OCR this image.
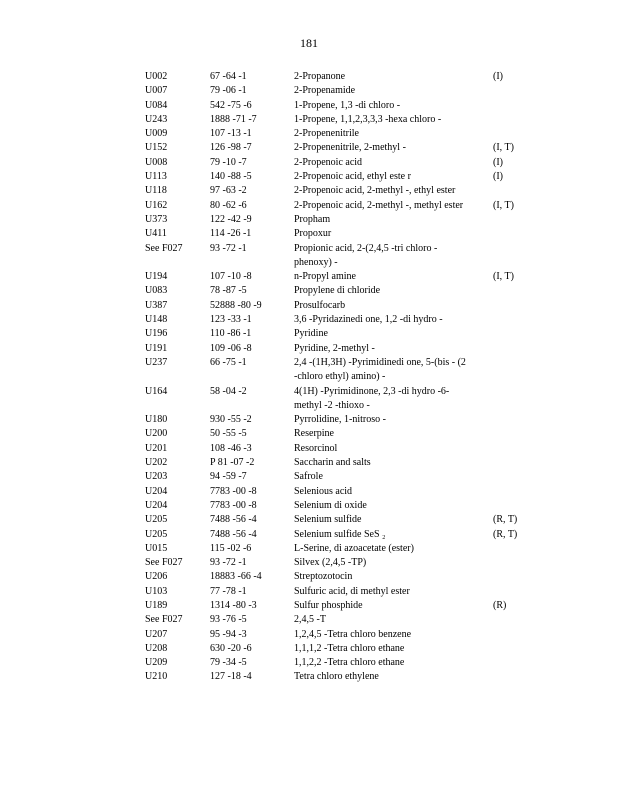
181
U002	67 -64 -1	2-Propanone	(I)
U007	79 -06 -1	2-Propenamide
U084	542 -75 -6	1-Propene, 1,3 -di chloro -
U243	1888 -71 -7	1-Propene, 1,1,2,3,3,3 -hexa chloro -
U009	107 -13 -1	2-Propenenitrile
U152	126 -98 -7	2-Propenenitrile, 2-methyl -	(I, T)
U008	79 -10 -7	2-Propenoic acid	(I)
U113	140 -88 -5	2-Propenoic acid, ethyl este r	(I)
U118	97 -63 -2	2-Propenoic acid, 2-methyl -, ethyl ester
U162	80 -62 -6	2-Propenoic acid, 2-methyl -, methyl ester	(I, T)
U373	122 -42 -9	Propham
U411	114 -26 -1	Propoxur
See F027	93 -72 -1	Propionic acid, 2-(2,4,5 -tri chloro - phenoxy) -
U194	107 -10 -8	n-Propyl amine	(I, T)
U083	78 -87 -5	Propylene di chloride
U387	52888 -80 -9	Prosulfocarb
U148	123 -33 -1	3,6 -Pyridazinedi one, 1,2 -di hydro -
U196	110 -86 -1	Pyridine
U191	109 -06 -8	Pyridine, 2-methyl -
U237	66 -75 -1	2,4 -(1H,3H) -Pyrimidinedi one, 5-(bis - (2 -chloro ethyl) amino) -
U164	58 -04 -2	4(1H) -Pyrimidinone, 2,3 -di hydro -6- methyl -2 -thioxo -
U180	930 -55 -2	Pyrrolidine, 1-nitroso -
U200	50 -55 -5	Reserpine
U201	108 -46 -3	Resorcinol
U202	P 81 -07 -2	Saccharin and salts
U203	94 -59 -7	Safrole
U204	7783 -00 -8	Selenious acid
U204	7783 -00 -8	Selenium di oxide
U205	7488 -56 -4	Selenium sulfide	(R, T)
U205	7488 -56 -4	Selenium sulfide SeS ₂	(R, T)
U015	115 -02 -6	L-Serine, di azoacetate (ester)
See F027	93 -72 -1	Silvex (2,4,5 -TP)
U206	18883 -66 -4	Streptozotocin
U103	77 -78 -1	Sulfuric acid, di methyl ester
U189	1314 -80 -3	Sulfur phosphide	(R)
See F027	93 -76 -5	2,4,5 -T
U207	95 -94 -3	1,2,4,5 -Tetra chloro benzene
U208	630 -20 -6	1,1,1,2 -Tetra chloro ethane
U209	79 -34 -5	1,1,2,2 -Tetra chloro ethane
U210	127 -18 -4	Tetra chloro ethylene
